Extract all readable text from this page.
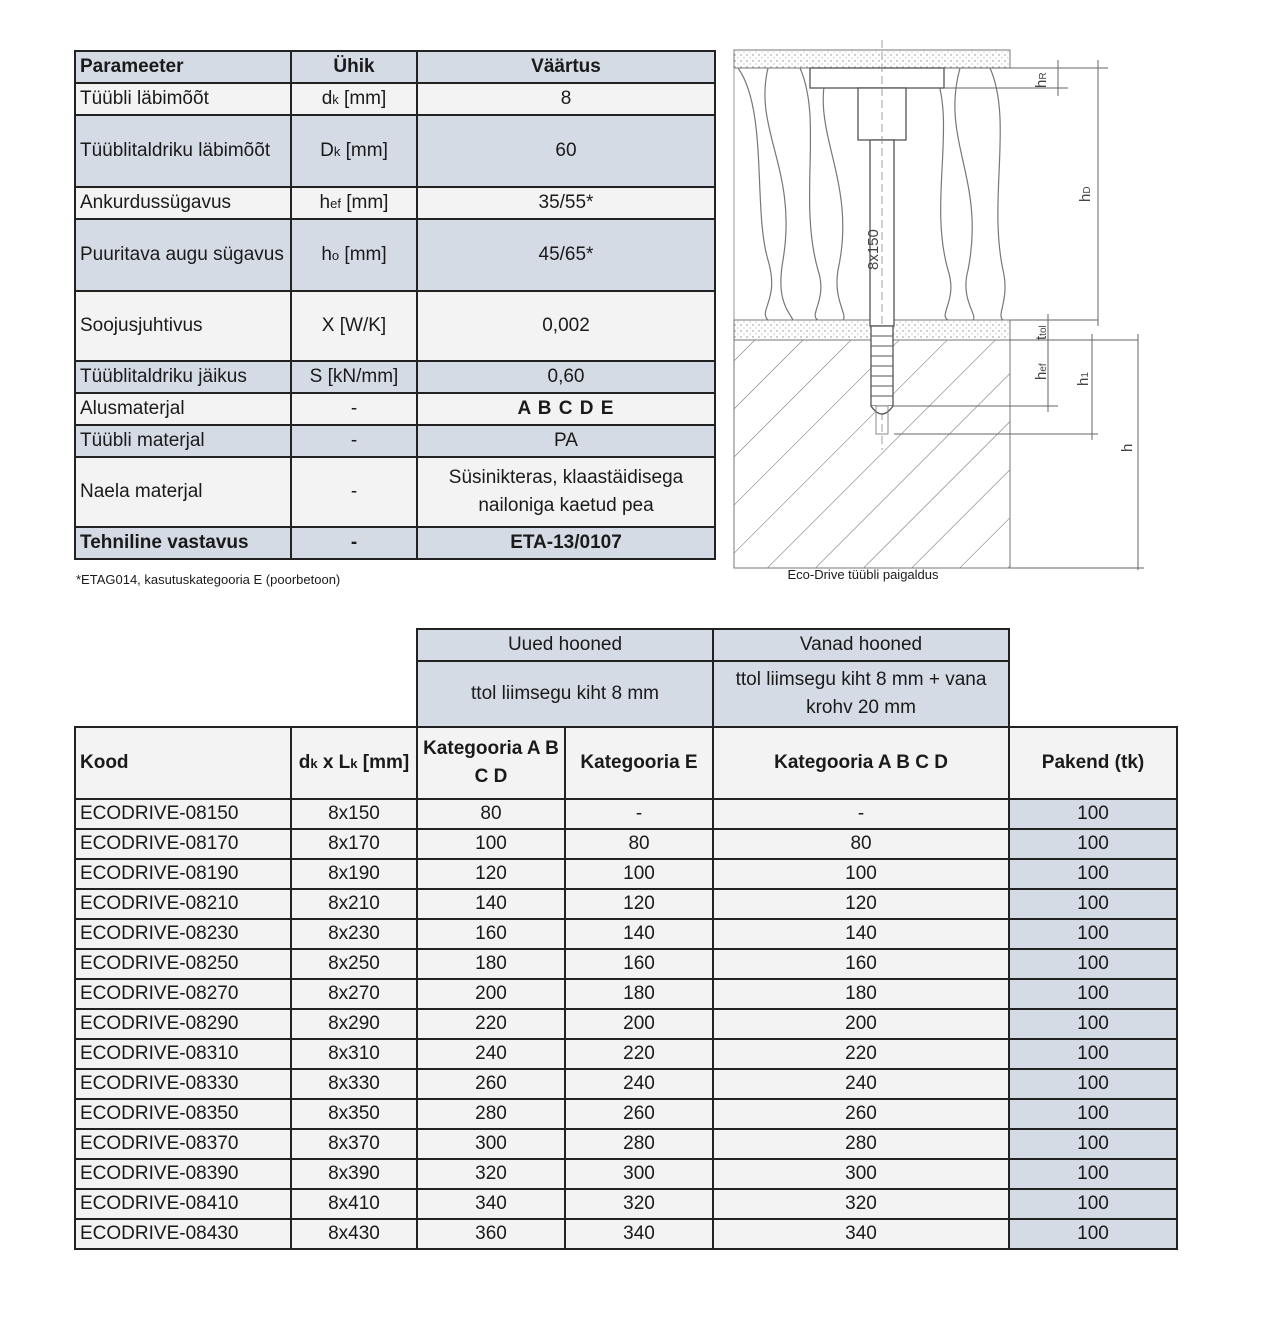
Parameeter	Ühik	Väärtus
Tüübli läbimõõt	dk [mm]	8
Tüüblitaldriku läbimõõt	Dk [mm]	60
Ankurdussügavus	hef [mm]	35/55*
Puuritava augu sügavus	ho [mm]	45/65*
Soojusjuhtivus	X [W/K]	0,002
Tüüblitaldriku jäikus	S [kN/mm]	0,60
Alusmaterjal	-	A B C D E
Tüübli materjal	-	PA
Naela materjal	-	Süsinikteras, klaastäidisega nailoniga kaetud pea
Tehniline vastavus	-	ETA-13/0107
*ETAG014, kasutuskategooria E (poorbetoon)
8x150
hR
hD
ttol
hef
h1
h
Eco-Drive tüübli paigaldus
		Uued hooned		Vanad hooned	
		ttol liimsegu kiht 8 mm		ttol liimsegu kiht 8 mm + vana krohv 20 mm	
Kood	dk x Lk [mm]	Kategooria A B C D	Kategooria E	Kategooria A B C D	Pakend (tk)
ECODRIVE-08150	8x150	80	-	-	100
ECODRIVE-08170	8x170	100	80	80	100
ECODRIVE-08190	8x190	120	100	100	100
ECODRIVE-08210	8x210	140	120	120	100
ECODRIVE-08230	8x230	160	140	140	100
ECODRIVE-08250	8x250	180	160	160	100
ECODRIVE-08270	8x270	200	180	180	100
ECODRIVE-08290	8x290	220	200	200	100
ECODRIVE-08310	8x310	240	220	220	100
ECODRIVE-08330	8x330	260	240	240	100
ECODRIVE-08350	8x350	280	260	260	100
ECODRIVE-08370	8x370	300	280	280	100
ECODRIVE-08390	8x390	320	300	300	100
ECODRIVE-08410	8x410	340	320	320	100
ECODRIVE-08430	8x430	360	340	340	100
